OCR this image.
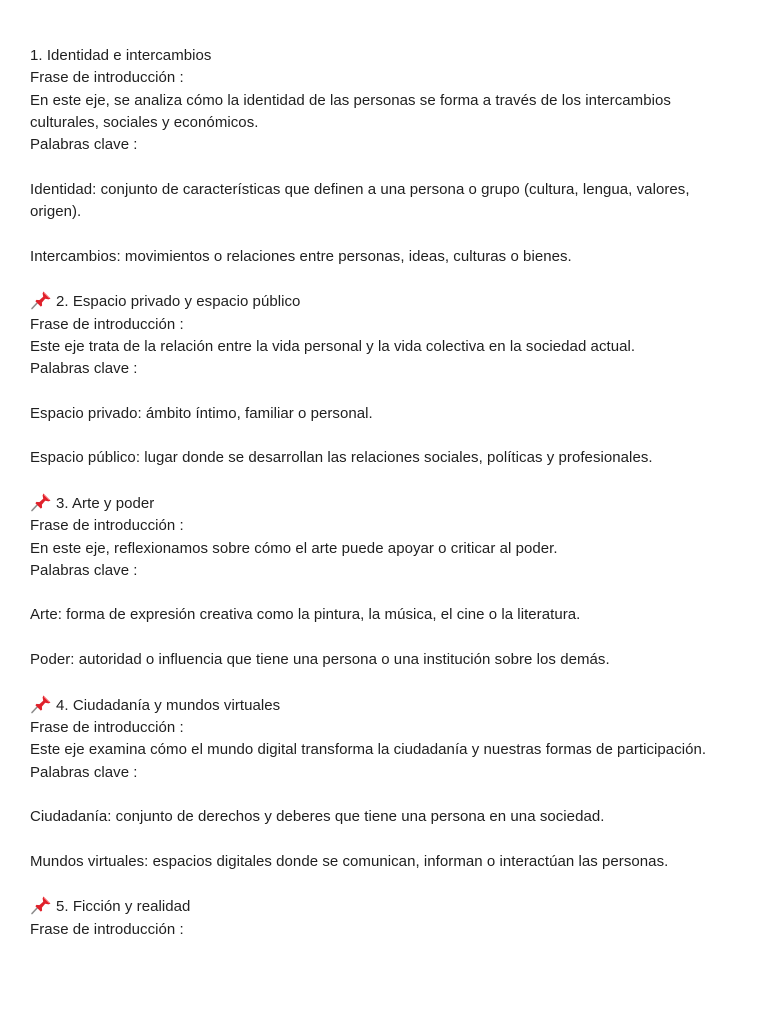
1. Identidad e intercambios
Frase de introducción :
En este eje, se analiza cómo la identidad de las personas se forma a través de los intercambios culturales, sociales y económicos.
Palabras clave :
Identidad: conjunto de características que definen a una persona o grupo (cultura, lengua, valores, origen).
Intercambios: movimientos o relaciones entre personas, ideas, culturas o bienes.
2. Espacio privado y espacio público
Frase de introducción :
Este eje trata de la relación entre la vida personal y la vida colectiva en la sociedad actual.
Palabras clave :
Espacio privado: ámbito íntimo, familiar o personal.
Espacio público: lugar donde se desarrollan las relaciones sociales, políticas y profesionales.
3. Arte y poder
Frase de introducción :
En este eje, reflexionamos sobre cómo el arte puede apoyar o criticar al poder.
Palabras clave :
Arte: forma de expresión creativa como la pintura, la música, el cine o la literatura.
Poder: autoridad o influencia que tiene una persona o una institución sobre los demás.
4. Ciudadanía y mundos virtuales
Frase de introducción :
Este eje examina cómo el mundo digital transforma la ciudadanía y nuestras formas de participación.
Palabras clave :
Ciudadanía: conjunto de derechos y deberes que tiene una persona en una sociedad.
Mundos virtuales: espacios digitales donde se comunican, informan o interactúan las personas.
5. Ficción y realidad
Frase de introducción :
